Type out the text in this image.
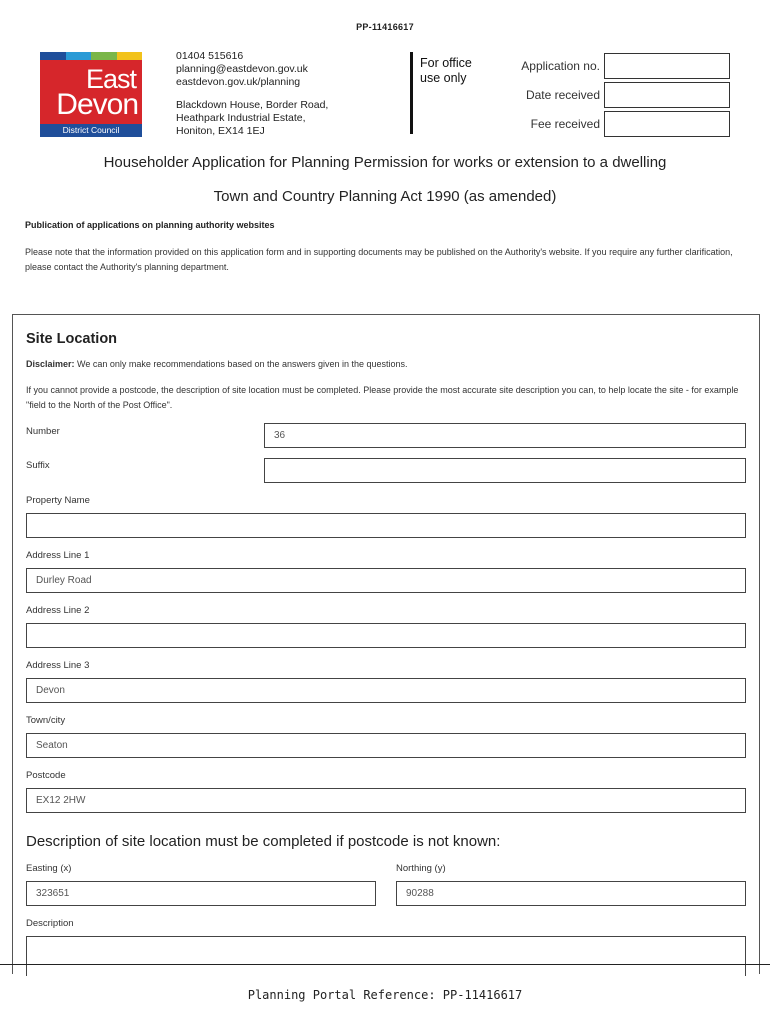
PP-11416617
East
Devon
District Council
01404 515616
planning@eastdevon.gov.uk
eastdevon.gov.uk/planning
Blackdown House, Border Road,
Heathpark Industrial Estate,
Honiton, EX14 1EJ
For office
use only
Application no.
Date received
Fee received
Householder Application for Planning Permission for works or extension to a dwelling
Town and Country Planning Act 1990 (as amended)
Publication of applications on planning authority websites
Please note that the information provided on this application form and in supporting documents may be published on the Authority's website. If you require any further clarification, please contact the Authority's planning department.
Site Location
Disclaimer: We can only make recommendations based on the answers given in the questions.
If you cannot provide a postcode, the description of site location must be completed. Please provide the most accurate site description you can, to help locate the site - for example "field to the North of the Post Office".
Number	36
Suffix
Property Name
Address Line 1
Durley Road
Address Line 2
Address Line 3
Devon
Town/city
Seaton
Postcode
EX12 2HW
Description of site location must be completed if postcode is not known:
Easting (x)
323651
Northing (y)
90288
Description
Planning Portal Reference: PP-11416617
